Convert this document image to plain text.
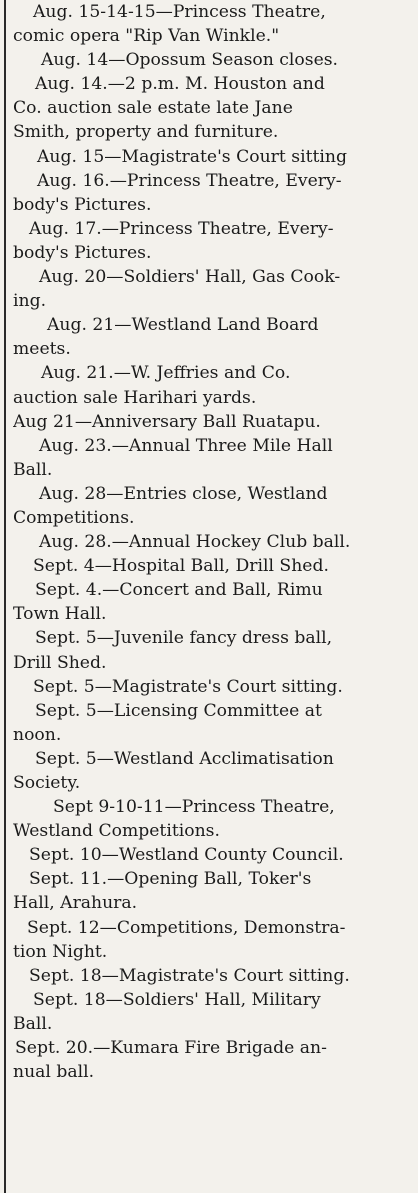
Aug. 15-14-15—Princess Theatre,
comic opera "Rip Van Winkle."

Aug. 14—Opossum Season closes.

Aug. 14.—2 p.m. M. Houston and
Co. auction sale estate late Jane
Smith, property and furniture.

Aug. 15—Magistrate's Court sitting

Aug. 16.—Princess Theatre, Every-
body's Pictures.

Aug. 17.—Princess Theatre, Every-
body's Pictures.

Aug. 20—Soldiers' Hall, Gas Cook-
ing.

Aug. 21—Westland Land Board
meets.

Aug. 21.—W. Jeffries and Co.
auction sale Harihari yards.

Aug 21—Anniversary Ball Ruatapu.

Aug. 23.—Annual Three Mile Hall
Ball.

Aug. 28—Entries close, Westland
Competitions.

Aug. 28.—Annual Hockey Club ball.

Sept. 4—Hospital Ball, Drill Shed.

Sept. 4.—Concert and Ball, Rimu
Town Hall.

Sept. 5—Juvenile fancy dress ball,
Drill Shed.

Sept. 5—Magistrate's Court sitting.

Sept. 5—Licensing Committee at
noon.

Sept. 5—Westland Acclimatisation
Society.

Sept 9-10-11—Princess Theatre,
Westland Competitions.

Sept. 10—Westland County Council.

Sept. 11.—Opening Ball, Toker's
Hall, Arahura.

Sept. 12—Competitions, Demonstra-
tion Night.

Sept. 18—Magistrate's Court sitting.

Sept. 18—Soldiers' Hall, Military
Ball.

Sept. 20.—Kumara Fire Brigade an-
nual ball.
